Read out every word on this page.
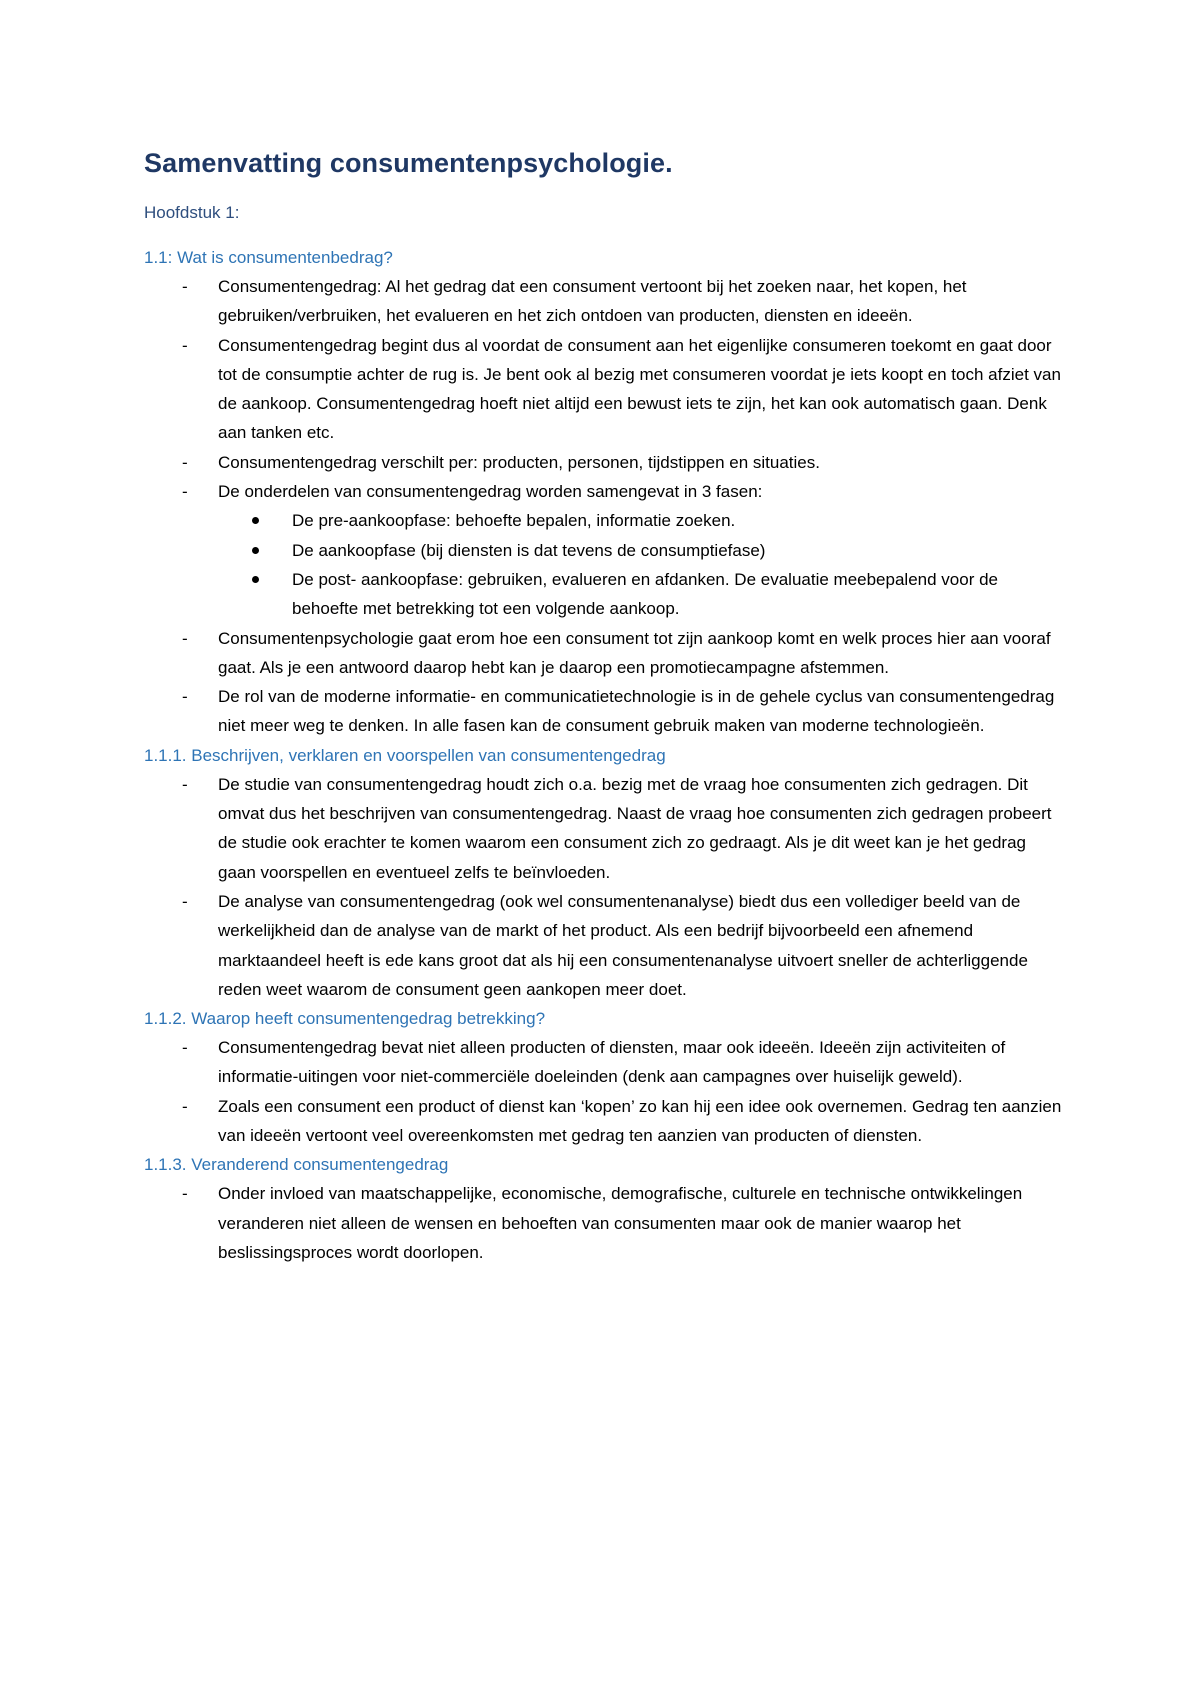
Samenvatting consumentenpsychologie.

Hoofdstuk 1:

1.1: Wat is consumentenbedrag?

- Consumentengedrag: Al het gedrag dat een consument vertoont bij het zoeken naar, het kopen, het gebruiken/verbruiken, het evalueren en het zich ontdoen van producten, diensten en ideeën.
- Consumentengedrag begint dus al voordat de consument aan het eigenlijke consumeren toekomt en gaat door tot de consumptie achter de rug is. Je bent ook al bezig met consumeren voordat je iets koopt en toch afziet van de aankoop. Consumentengedrag hoeft niet altijd een bewust iets te zijn, het kan ook automatisch gaan. Denk aan tanken etc.
- Consumentengedrag verschilt per: producten, personen, tijdstippen en situaties.
- De onderdelen van consumentengedrag worden samengevat in 3 fasen:
De pre-aankoopfase: behoefte bepalen, informatie zoeken.
De aankoopfase (bij diensten is dat tevens de consumptiefase)
De post- aankoopfase: gebruiken, evalueren en afdanken. De evaluatie meebepalend voor de behoefte met betrekking tot een volgende aankoop.
- Consumentenpsychologie gaat erom hoe een consument tot zijn aankoop komt en welk proces hier aan vooraf gaat. Als je een antwoord daarop hebt kan je daarop een promotiecampagne afstemmen.
- De rol van de moderne informatie- en communicatietechnologie is in de gehele cyclus van consumentengedrag niet meer weg te denken. In alle fasen kan de consument gebruik maken van moderne technologieën.

1.1.1. Beschrijven, verklaren en voorspellen van consumentengedrag

- De studie van consumentengedrag houdt zich o.a. bezig met de vraag hoe consumenten zich gedragen. Dit omvat dus het beschrijven van consumentengedrag. Naast de vraag hoe consumenten zich gedragen probeert de studie ook erachter te komen waarom een consument zich zo gedraagt. Als je dit weet kan je het gedrag gaan voorspellen en eventueel zelfs te beïnvloeden.
- De analyse van consumentengedrag (ook wel consumentenanalyse) biedt dus een vollediger beeld van de werkelijkheid dan de analyse van de markt of het product. Als een bedrijf bijvoorbeeld een afnemend marktaandeel heeft is ede kans groot dat als hij een consumentenanalyse uitvoert sneller de achterliggende reden weet waarom de consument geen aankopen meer doet.

1.1.2. Waarop heeft consumentengedrag betrekking?

- Consumentengedrag bevat niet alleen producten of diensten, maar ook ideeën. Ideeën zijn activiteiten of informatie-uitingen voor niet-commerciële doeleinden (denk aan campagnes over huiselijk geweld).
- Zoals een consument een product of dienst kan ‘kopen’ zo kan hij een idee ook overnemen. Gedrag ten aanzien van ideeën vertoont veel overeenkomsten met gedrag ten aanzien van producten of diensten.

1.1.3. Veranderend consumentengedrag

- Onder invloed van maatschappelijke, economische, demografische, culturele en technische ontwikkelingen veranderen niet alleen de wensen en behoeften van consumenten maar ook de manier waarop het beslissingsproces wordt doorlopen.
